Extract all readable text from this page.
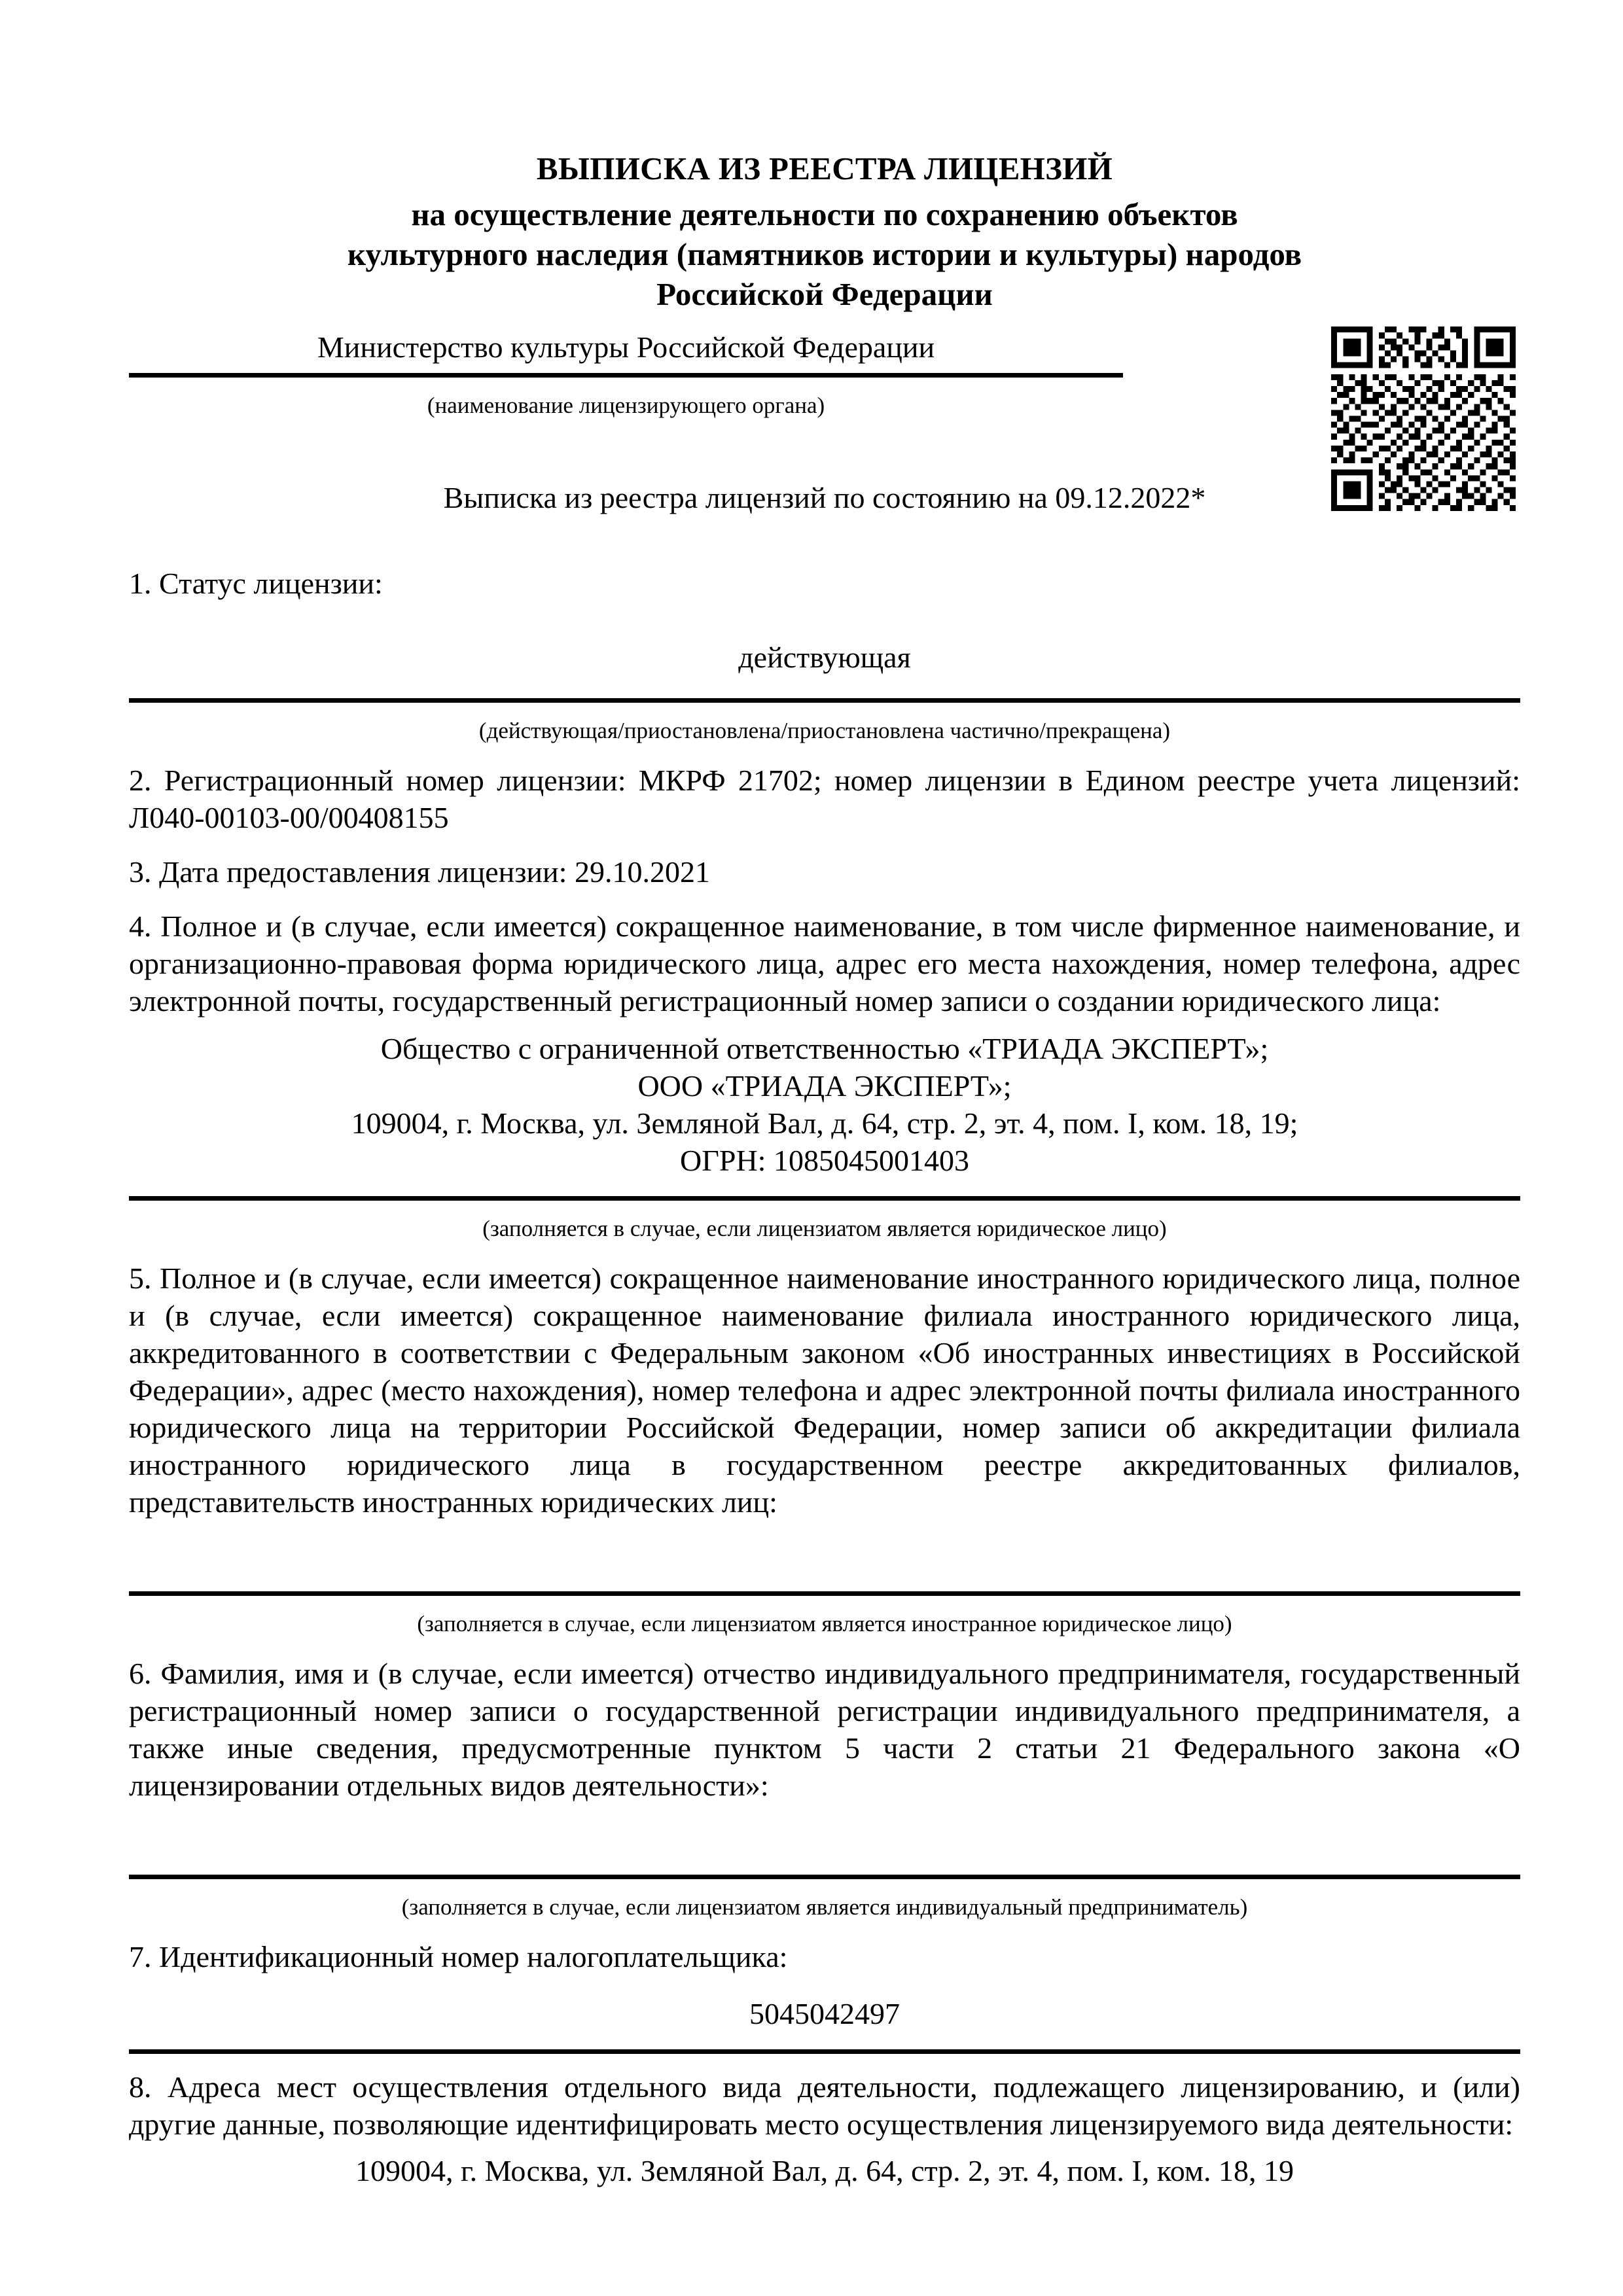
ВЫПИСКА ИЗ РЕЕСТРА ЛИЦЕНЗИЙ
на осуществление деятельности по сохранению объектов
культурного наследия (памятников истории и культуры) народов
Российской Федерации
Министерство культуры Российской Федерации
(наименование лицензирующего органа)
Выписка из реестра лицензий по состоянию на 09.12.2022*
1. Статус лицензии:
действующая
(действующая/приостановлена/приостановлена частично/прекращена)
2. Регистрационный номер лицензии: МКРФ 21702; номер лицензии в Едином реестре учета лицензий: Л040-00103-00/00408155
3. Дата предоставления лицензии: 29.10.2021
4. Полное и (в случае, если имеется) сокращенное наименование, в том числе фирменное наименование, и организационно-правовая форма юридического лица, адрес его места нахождения, номер телефона, адрес электронной почты, государственный регистрационный номер записи о создании юридического лица:
Общество с ограниченной ответственностью «ТРИАДА ЭКСПЕРТ»;
ООО «ТРИАДА ЭКСПЕРТ»;
109004, г. Москва, ул. Земляной Вал, д. 64, стр. 2, эт. 4, пом. I, ком. 18, 19;
ОГРН: 1085045001403
(заполняется в случае, если лицензиатом является юридическое лицо)
5. Полное и (в случае, если имеется) сокращенное наименование иностранного юридического лица, полное и (в случае, если имеется) сокращенное наименование филиала иностранного юридического лица, аккредитованного в соответствии с Федеральным законом «Об иностранных инвестициях в Российской Федерации», адрес (место нахождения), номер телефона и адрес электронной почты филиала иностранного юридического лица на территории Российской Федерации, номер записи об аккредитации филиала иностранного юридического лица в государственном реестре аккредитованных филиалов, представительств иностранных юридических лиц:
(заполняется в случае, если лицензиатом является иностранное юридическое лицо)
6. Фамилия, имя и (в случае, если имеется) отчество индивидуального предпринимателя, государственный регистрационный номер записи о государственной регистрации индивидуального предпринимателя, а также иные сведения, предусмотренные пунктом 5 части 2 статьи 21 Федерального закона «О лицензировании отдельных видов деятельности»:
(заполняется в случае, если лицензиатом является индивидуальный предприниматель)
7. Идентификационный номер налогоплательщика:
5045042497
8. Адреса мест осуществления отдельного вида деятельности, подлежащего лицензированию, и (или) другие данные, позволяющие идентифицировать место осуществления лицензируемого вида деятельности:
109004, г. Москва, ул. Земляной Вал, д. 64, стр. 2, эт. 4, пом. I, ком. 18, 19
